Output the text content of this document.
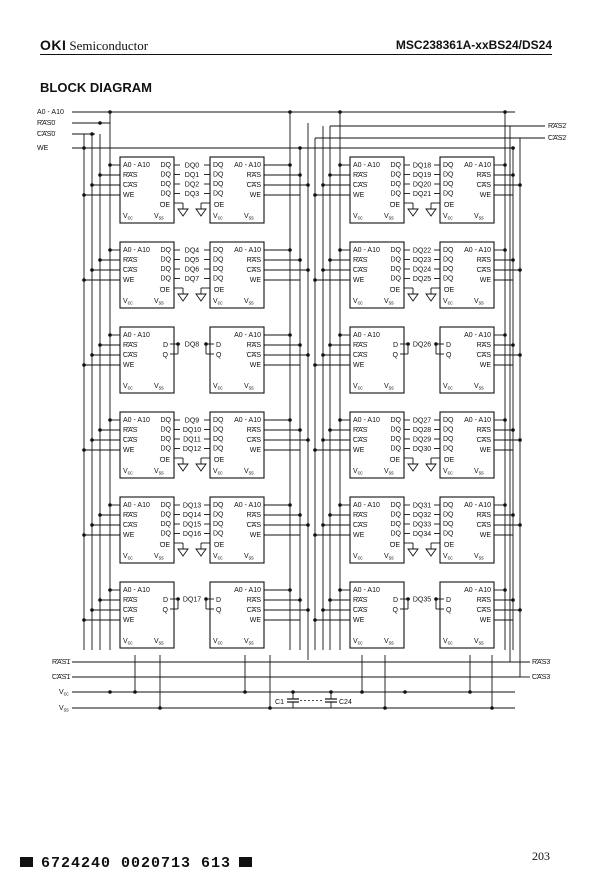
OKI Semiconductor	MSC238361A-xxBS24/DS24
BLOCK DIAGRAM
A0 - A10
RAS0
CAS0
WE
RAS2
CAS2
RAS1
CAS1
$V_{cc}$
$V_{ss}$
RAS3
CAS3
C1	C24
A0 - A10
RAS
CAS
WE
DQ
DQ
DQ
DQ
OE
$V_{cc}$	$V_{ss}$
A0 - A10
RAS
CAS
WE
DQ
DQ
DQ
DQ
OE
$V_{cc}$	$V_{ss}$
DQ0
DQ1
DQ2
DQ3
A0 - A10
RAS
CAS
WE
DQ
DQ
DQ
DQ
OE
$V_{cc}$	$V_{ss}$
A0 - A10
RAS
CAS
WE
DQ
DQ
DQ
DQ
OE
$V_{cc}$	$V_{ss}$
DQ18
DQ19
DQ20
DQ21
A0 - A10
RAS
CAS
WE
DQ
DQ
DQ
DQ
OE
$V_{cc}$	$V_{ss}$
A0 - A10
RAS
CAS
WE
DQ
DQ
DQ
DQ
OE
$V_{cc}$	$V_{ss}$
DQ4
DQ5
DQ6
DQ7
A0 - A10
RAS
CAS
WE
DQ
DQ
DQ
DQ
OE
$V_{cc}$	$V_{ss}$
A0 - A10
RAS
CAS
WE
DQ
DQ
DQ
DQ
OE
$V_{cc}$	$V_{ss}$
DQ22
DQ23
DQ24
DQ25
A0 - A10
RAS
CAS
WE
D
Q
$V_{cc}$	$V_{ss}$
A0 - A10
RAS
CAS
WE
D
Q
$V_{cc}$	$V_{ss}$
DQ8
A0 - A10
RAS
CAS
WE
D
Q
$V_{cc}$	$V_{ss}$
A0 - A10
RAS
CAS
WE
D
Q
$V_{cc}$	$V_{ss}$
DQ26
A0 - A10
RAS
CAS
WE
DQ
DQ
DQ
DQ
OE
$V_{cc}$	$V_{ss}$
A0 - A10
RAS
CAS
WE
DQ
DQ
DQ
DQ
OE
$V_{cc}$	$V_{ss}$
DQ9
DQ10
DQ11
DQ12
A0 - A10
RAS
CAS
WE
DQ
DQ
DQ
DQ
OE
$V_{cc}$	$V_{ss}$
A0 - A10
RAS
CAS
WE
DQ
DQ
DQ
DQ
OE
$V_{cc}$	$V_{ss}$
DQ27
DQ28
DQ29
DQ30
A0 - A10
RAS
CAS
WE
DQ
DQ
DQ
DQ
OE
$V_{cc}$	$V_{ss}$
A0 - A10
RAS
CAS
WE
DQ
DQ
DQ
DQ
OE
$V_{cc}$	$V_{ss}$
DQ13
DQ14
DQ15
DQ16
A0 - A10
RAS
CAS
WE
DQ
DQ
DQ
DQ
OE
$V_{cc}$	$V_{ss}$
A0 - A10
RAS
CAS
WE
DQ
DQ
DQ
DQ
OE
$V_{cc}$	$V_{ss}$
DQ31
DQ32
DQ33
DQ34
A0 - A10
RAS
CAS
WE
D
Q
$V_{cc}$	$V_{ss}$
A0 - A10
RAS
CAS
WE
D
Q
$V_{cc}$	$V_{ss}$
DQ17
A0 - A10
RAS
CAS
WE
D
Q
$V_{cc}$	$V_{ss}$
A0 - A10
RAS
CAS
WE
D
Q
$V_{cc}$	$V_{ss}$
DQ35
6724240 0020713 613	203
